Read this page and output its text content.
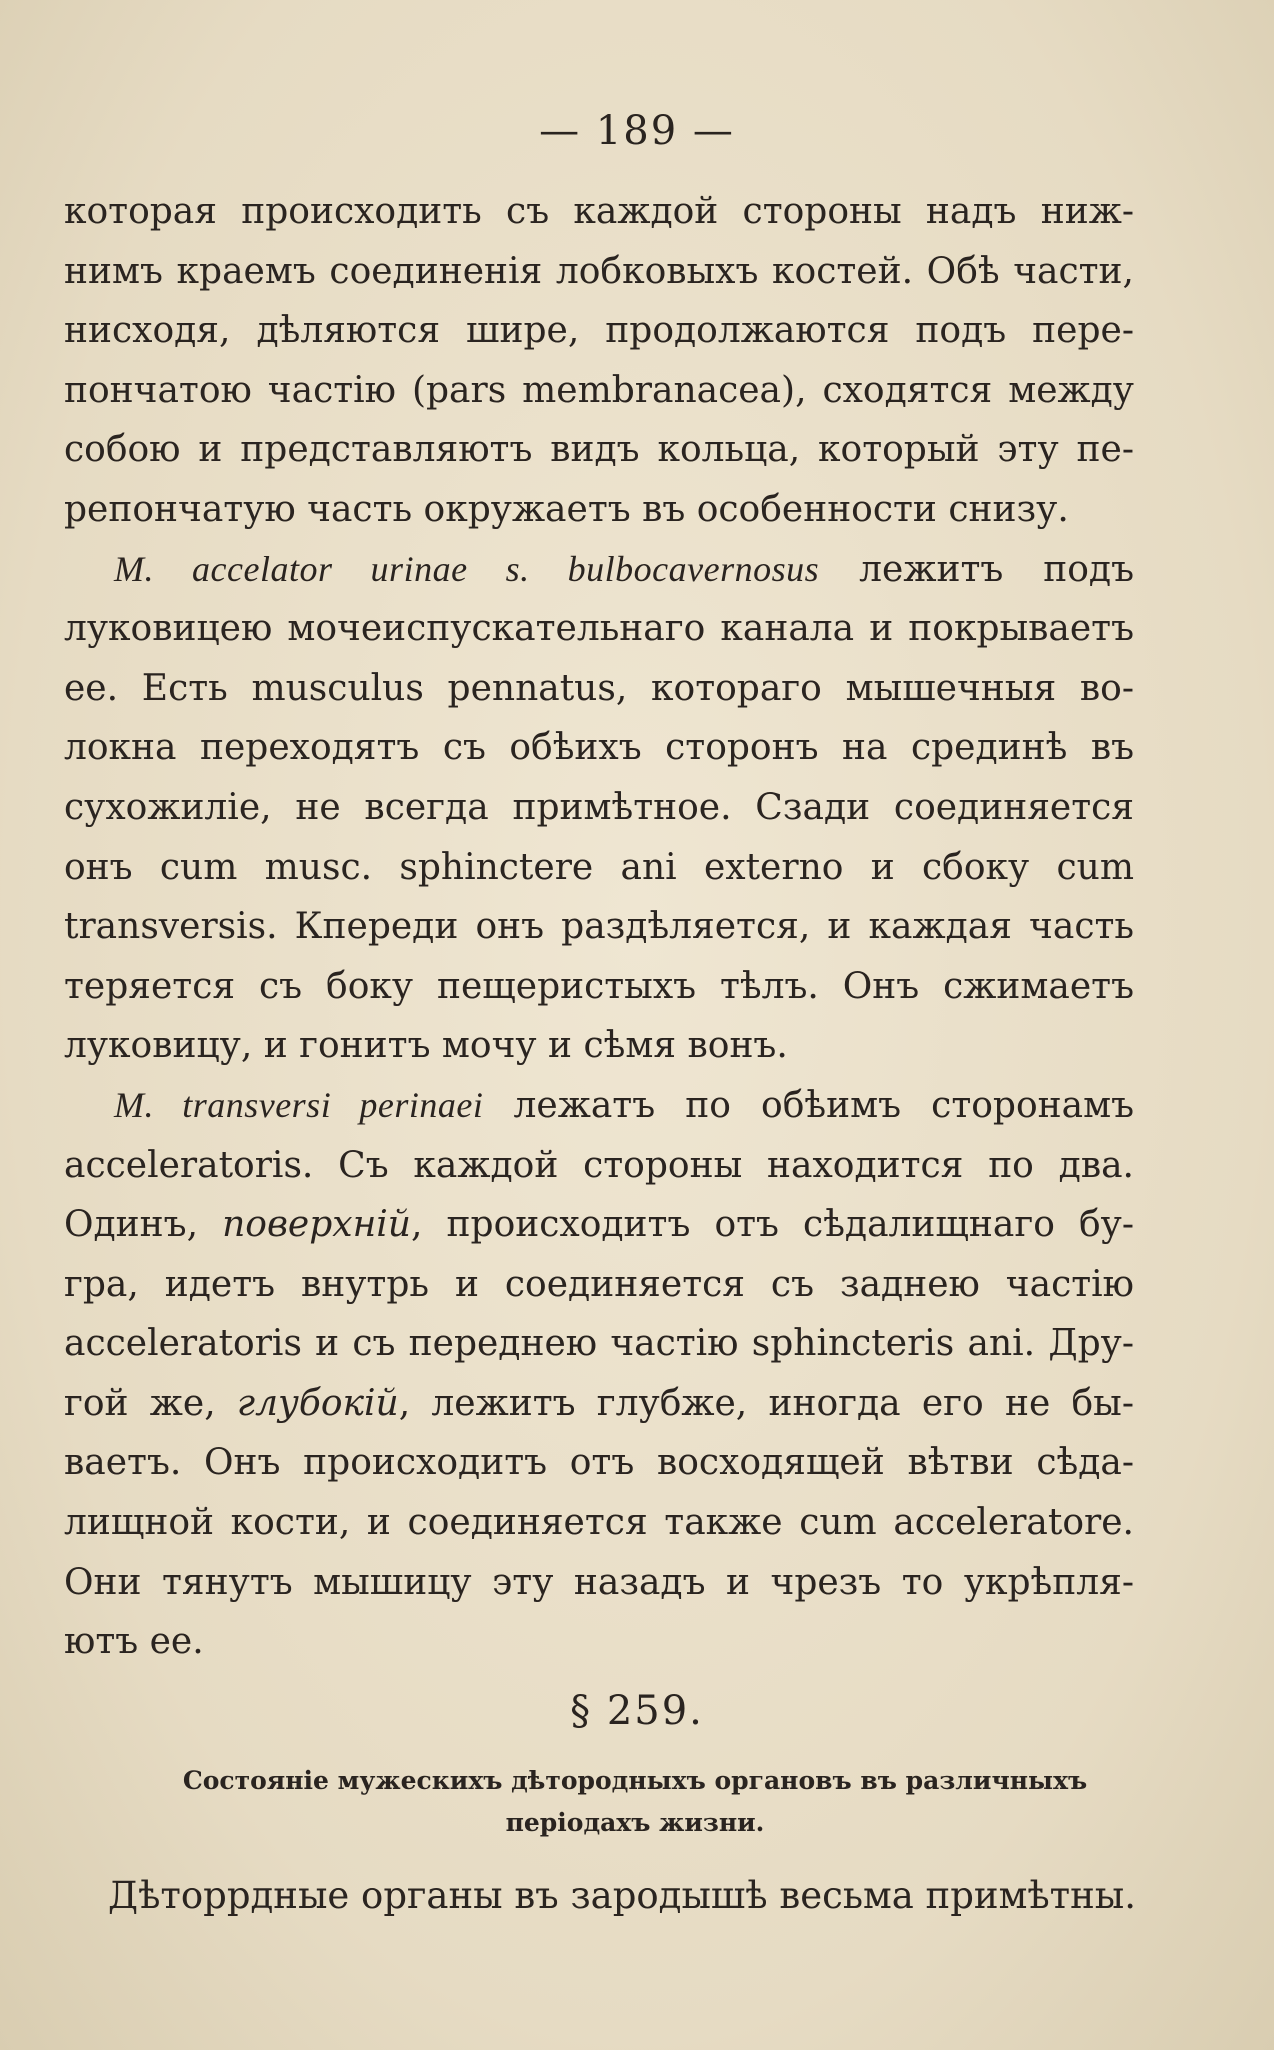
— 189 —
которая происходить съ каждой стороны надъ ниж-
нимъ краемъ соединенія лобковыхъ костей. Обѣ части,
нисходя, дѣляются шире, продолжаются подъ пере-
пончатою частію (pars membranacea), сходятся между
собою и представляютъ видъ кольца, который эту пе-
репончатую часть окружаетъ въ особенности снизу.
M. accelator urinae s. bulbocavernosus лежитъ подъ
луковицею мочеиспускательнаго канала и покрываетъ
ее. Есть musculus pennatus, котораго мышечныя во-
локна переходятъ съ обѣихъ сторонъ на срединѣ въ
сухожиліе, не всегда примѣтное. Сзади соединяется
онъ cum musc. sphinctere ani externo и сбоку cum
transversis. Кпереди онъ раздѣляется, и каждая часть
теряется съ боку пещеристыхъ тѣлъ. Онъ сжимаетъ
луковицу, и гонитъ мочу и сѣмя вонъ.
M. transversi perinaei лежатъ по обѣимъ сторонамъ
acceleratoris. Съ каждой стороны находится по два.
Одинъ, поверхній, происходитъ отъ сѣдалищнаго бу-
гра, идетъ внутрь и соединяется съ заднею частію
acceleratoris и съ переднею частію sphincteris ani. Дру-
гой же, глубокій, лежитъ глубже, иногда его не бы-
ваетъ. Онъ происходитъ отъ восходящей вѣтви сѣда-
лищной кости, и соединяется также cum acceleratore.
Они тянутъ мышицу эту назадъ и чрезъ то укрѣпля-
ютъ ее.
§ 259.
Состояніе мужескихъ дѣтородныхъ органовъ въ различныхъ
періодахъ жизни.
Дѣторрдные органы въ зародышѣ весьма примѣтны.
